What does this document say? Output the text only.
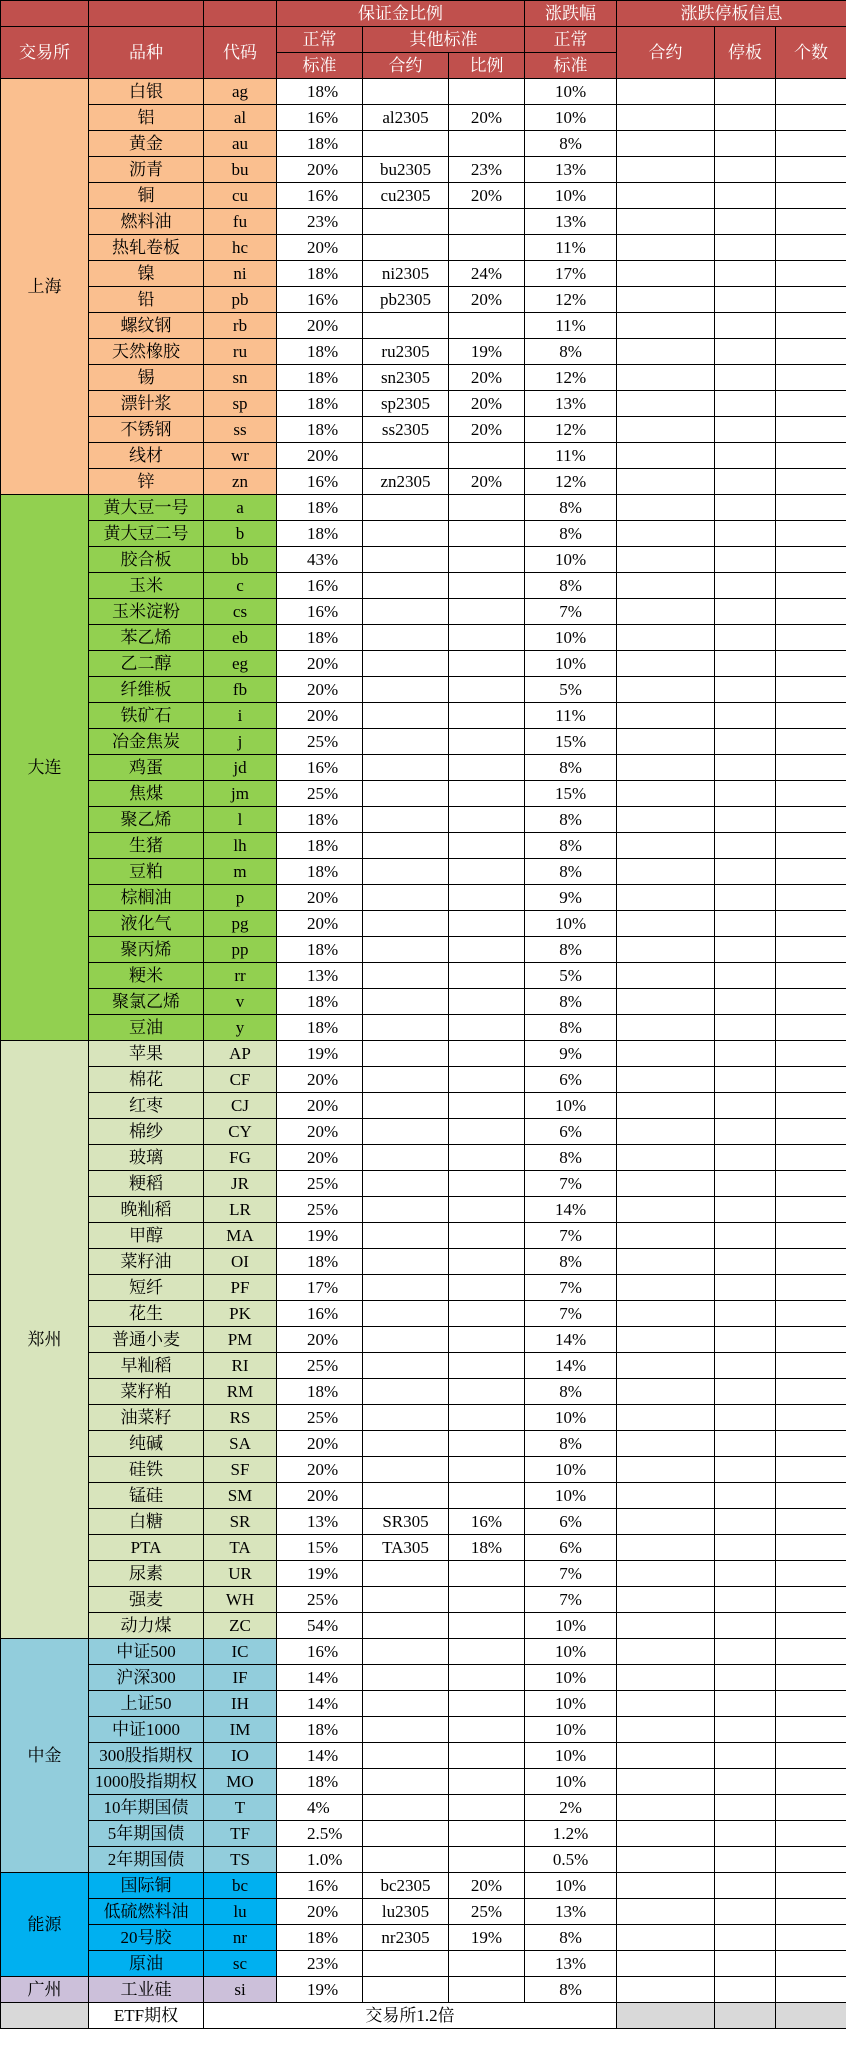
			保证金比例			涨跌幅	涨跌停板信息		
交易所	品种	代码	正常	其他标准		正常	合约	停板	个数
			标准	合约	比例	标准			
上海	白银	ag	18%			10%			
	铝	al	16%	al2305	20%	10%			
	黄金	au	18%			8%			
	沥青	bu	20%	bu2305	23%	13%			
	铜	cu	16%	cu2305	20%	10%			
	燃料油	fu	23%			13%			
	热轧卷板	hc	20%			11%			
	镍	ni	18%	ni2305	24%	17%			
	铅	pb	16%	pb2305	20%	12%			
	螺纹钢	rb	20%			11%			
	天然橡胶	ru	18%	ru2305	19%	8%			
	锡	sn	18%	sn2305	20%	12%			
	漂针浆	sp	18%	sp2305	20%	13%			
	不锈钢	ss	18%	ss2305	20%	12%			
	线材	wr	20%			11%			
	锌	zn	16%	zn2305	20%	12%			
大连	黄大豆一号	a	18%			8%			
	黄大豆二号	b	18%			8%			
	胶合板	bb	43%			10%			
	玉米	c	16%			8%			
	玉米淀粉	cs	16%			7%			
	苯乙烯	eb	18%			10%			
	乙二醇	eg	20%			10%			
	纤维板	fb	20%			5%			
	铁矿石	i	20%			11%			
	冶金焦炭	j	25%			15%			
	鸡蛋	jd	16%			8%			
	焦煤	jm	25%			15%			
	聚乙烯	l	18%			8%			
	生猪	lh	18%			8%			
	豆粕	m	18%			8%			
	棕榈油	p	20%			9%			
	液化气	pg	20%			10%			
	聚丙烯	pp	18%			8%			
	粳米	rr	13%			5%			
	聚氯乙烯	v	18%			8%			
	豆油	y	18%			8%			
郑州	苹果	AP	19%			9%			
	棉花	CF	20%			6%			
	红枣	CJ	20%			10%			
	棉纱	CY	20%			6%			
	玻璃	FG	20%			8%			
	粳稻	JR	25%			7%			
	晚籼稻	LR	25%			14%			
	甲醇	MA	19%			7%			
	菜籽油	OI	18%			8%			
	短纤	PF	17%			7%			
	花生	PK	16%			7%			
	普通小麦	PM	20%			14%			
	早籼稻	RI	25%			14%			
	菜籽粕	RM	18%			8%			
	油菜籽	RS	25%			10%			
	纯碱	SA	20%			8%			
	硅铁	SF	20%			10%			
	锰硅	SM	20%			10%			
	白糖	SR	13%	SR305	16%	6%			
	PTA	TA	15%	TA305	18%	6%			
	尿素	UR	19%			7%			
	强麦	WH	25%			7%			
	动力煤	ZC	54%			10%			
中金	中证500	IC	16%			10%			
	沪深300	IF	14%			10%			
	上证50	IH	14%			10%			
	中证1000	IM	18%			10%			
	300股指期权	IO	14%			10%			
	1000股指期权	MO	18%			10%			
	10年期国债	T	4%			2%			
	5年期国债	TF	2.5%			1.2%			
	2年期国债	TS	1.0%			0.5%			
能源	国际铜	bc	16%	bc2305	20%	10%			
	低硫燃料油	lu	20%	lu2305	25%	13%			
	20号胶	nr	18%	nr2305	19%	8%			
	原油	sc	23%			13%			
广州	工业硅	si	19%			8%			
	ETF期权	交易所1.2倍							
